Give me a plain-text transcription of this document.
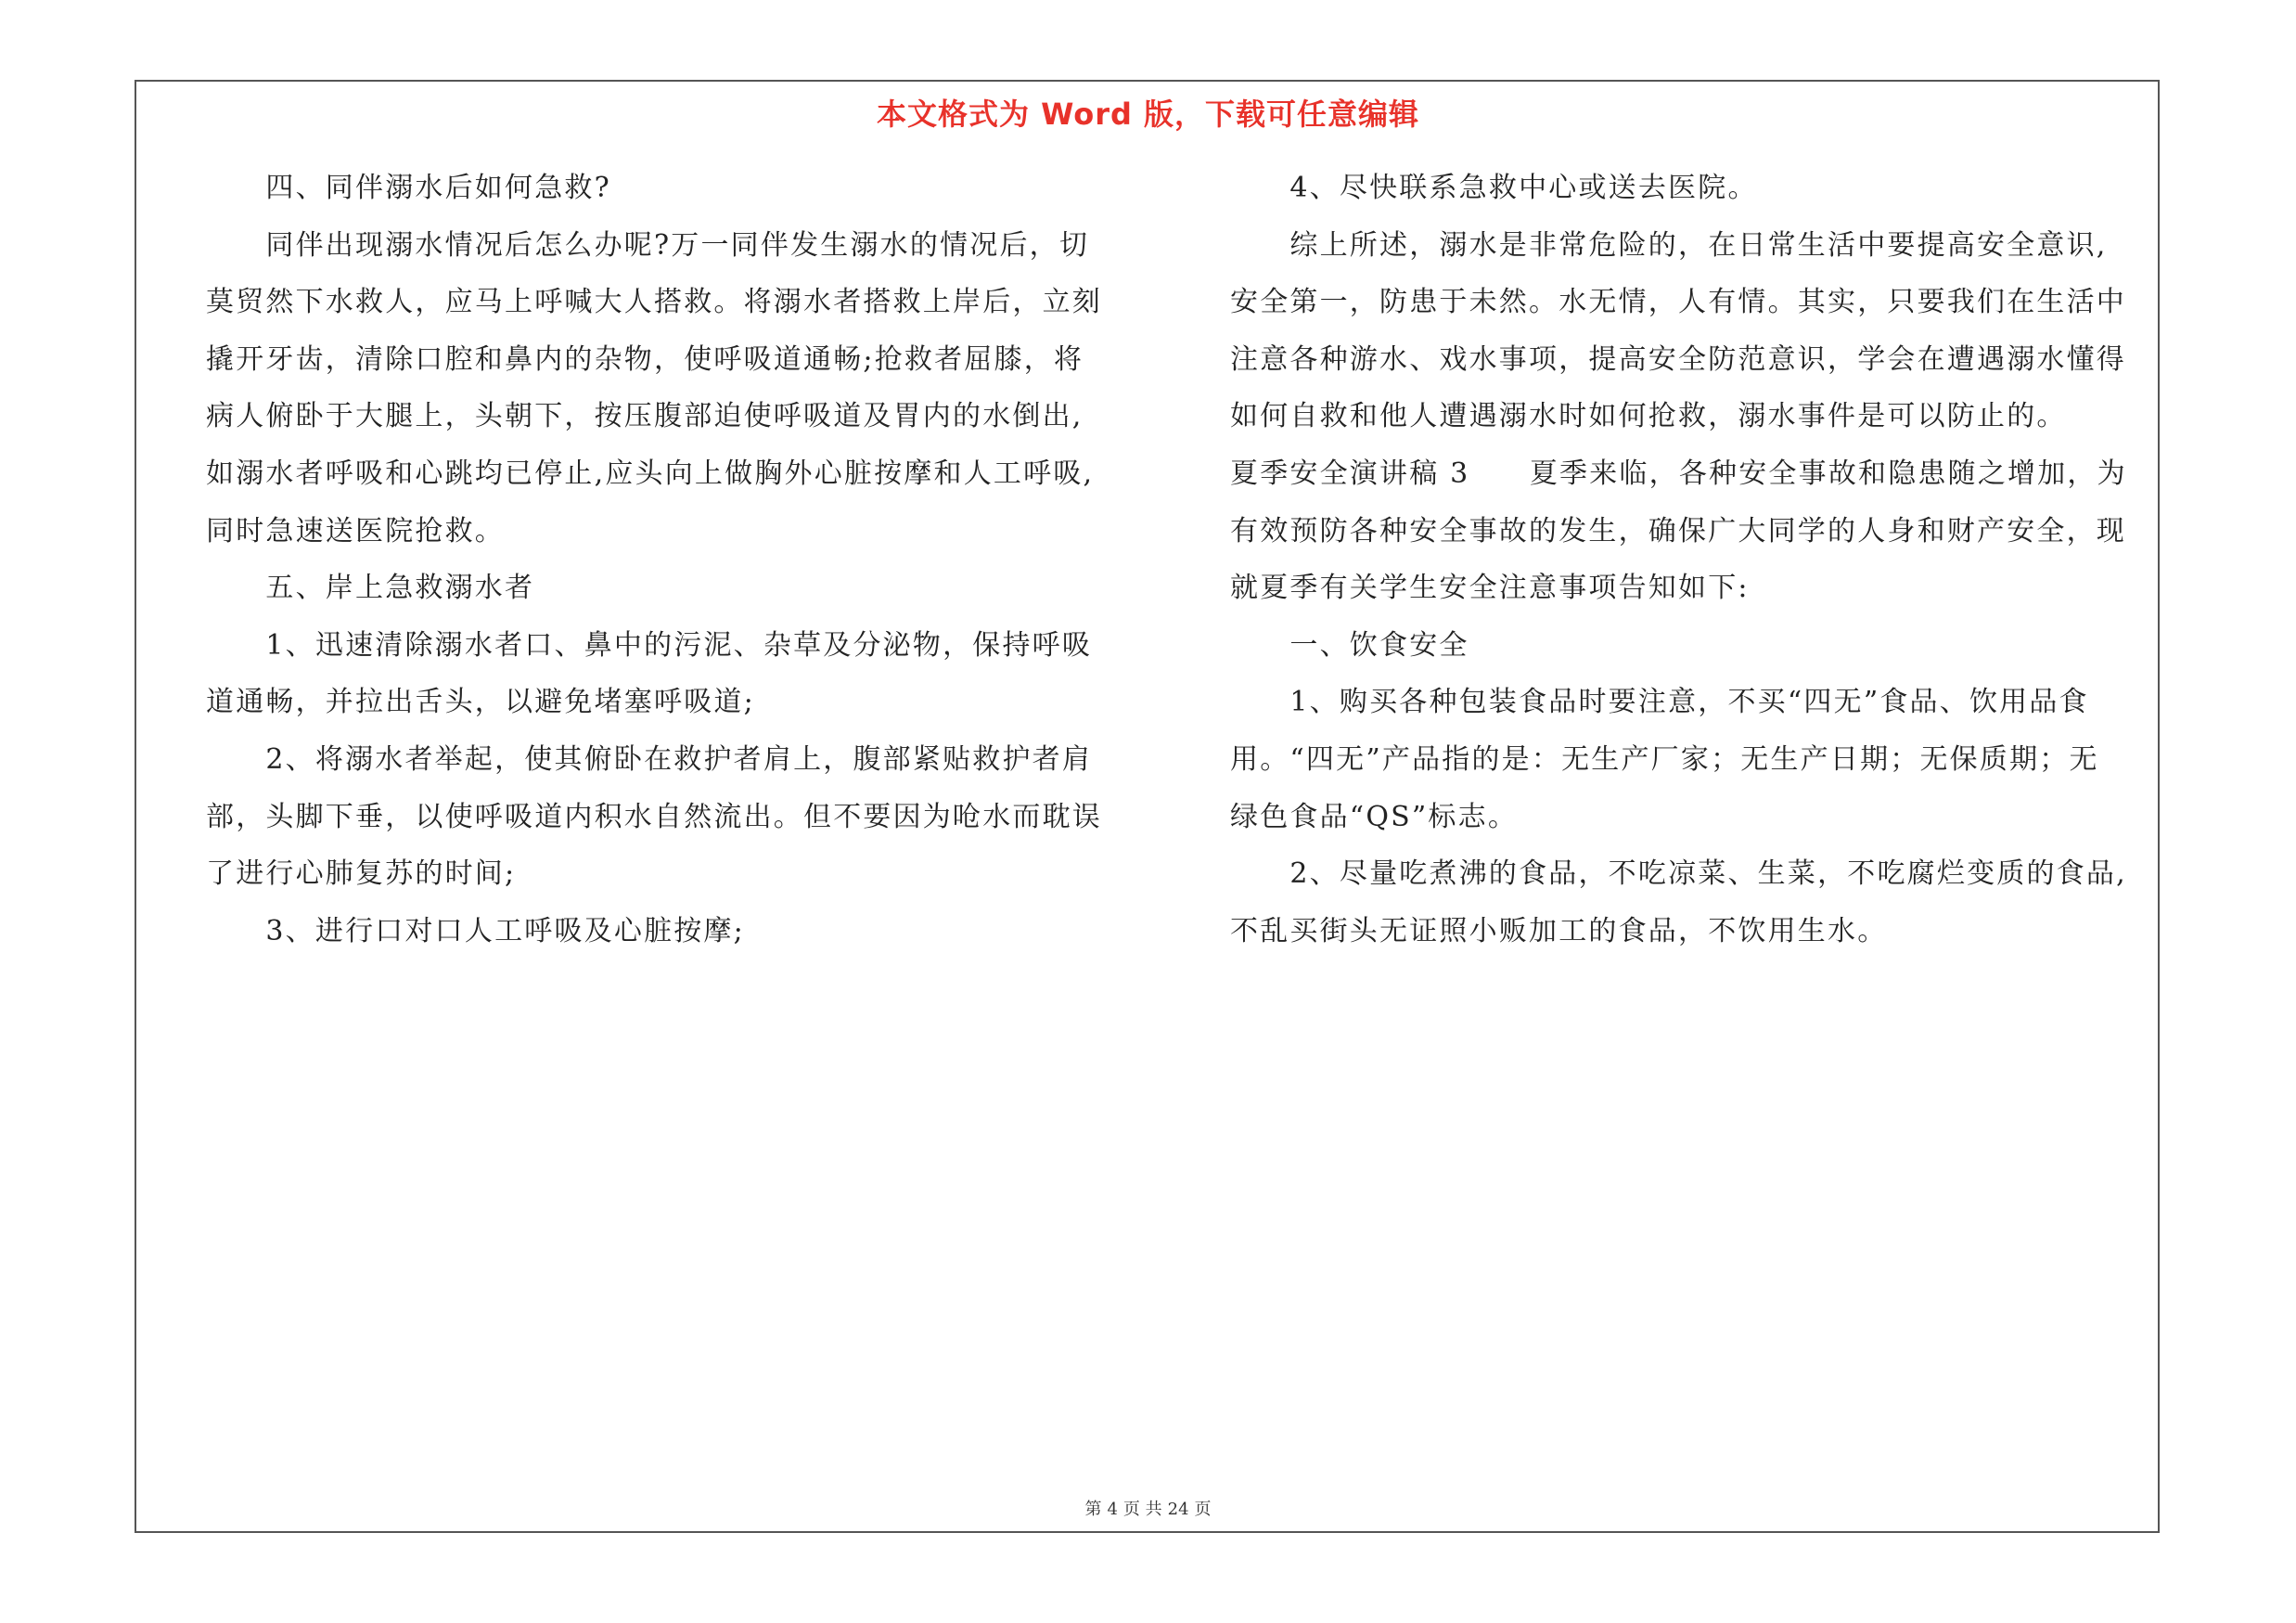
本文格式为 Word 版，下载可任意编辑
　　四、同伴溺水后如何急救?
　　同伴出现溺水情况后怎么办呢?万一同伴发生溺水的情况后，切
莫贸然下水救人，应马上呼喊大人搭救。将溺水者搭救上岸后，立刻
撬开牙齿，清除口腔和鼻内的杂物，使呼吸道通畅;抢救者屈膝，将
病人俯卧于大腿上，头朝下，按压腹部迫使呼吸道及胃内的水倒出,
如溺水者呼吸和心跳均已停止,应头向上做胸外心脏按摩和人工呼吸,
同时急速送医院抢救。
　　五、岸上急救溺水者
　　1、迅速清除溺水者口、鼻中的污泥、杂草及分泌物，保持呼吸
道通畅，并拉出舌头，以避免堵塞呼吸道;
　　2、将溺水者举起，使其俯卧在救护者肩上，腹部紧贴救护者肩
部，头脚下垂，以使呼吸道内积水自然流出。但不要因为呛水而耽误
了进行心肺复苏的时间;
　　3、进行口对口人工呼吸及心脏按摩;
　　4、尽快联系急救中心或送去医院。
　　综上所述，溺水是非常危险的，在日常生活中要提高安全意识,
安全第一，防患于未然。水无情，人有情。其实，只要我们在生活中
注意各种游水、戏水事项，提高安全防范意识，学会在遭遇溺水懂得
如何自救和他人遭遇溺水时如何抢救，溺水事件是可以防止的。
夏季安全演讲稿 3　　夏季来临，各种安全事故和隐患随之增加，为
有效预防各种安全事故的发生，确保广大同学的人身和财产安全，现
就夏季有关学生安全注意事项告知如下:
　　一、饮食安全
　　1、购买各种包装食品时要注意，不买“四无”食品、饮用品食
用。“四无”产品指的是：无生产厂家；无生产日期；无保质期；无
绿色食品“QS”标志。
　　2、尽量吃煮沸的食品，不吃凉菜、生菜，不吃腐烂变质的食品,
不乱买街头无证照小贩加工的食品，不饮用生水。
第 4 页 共 24 页
